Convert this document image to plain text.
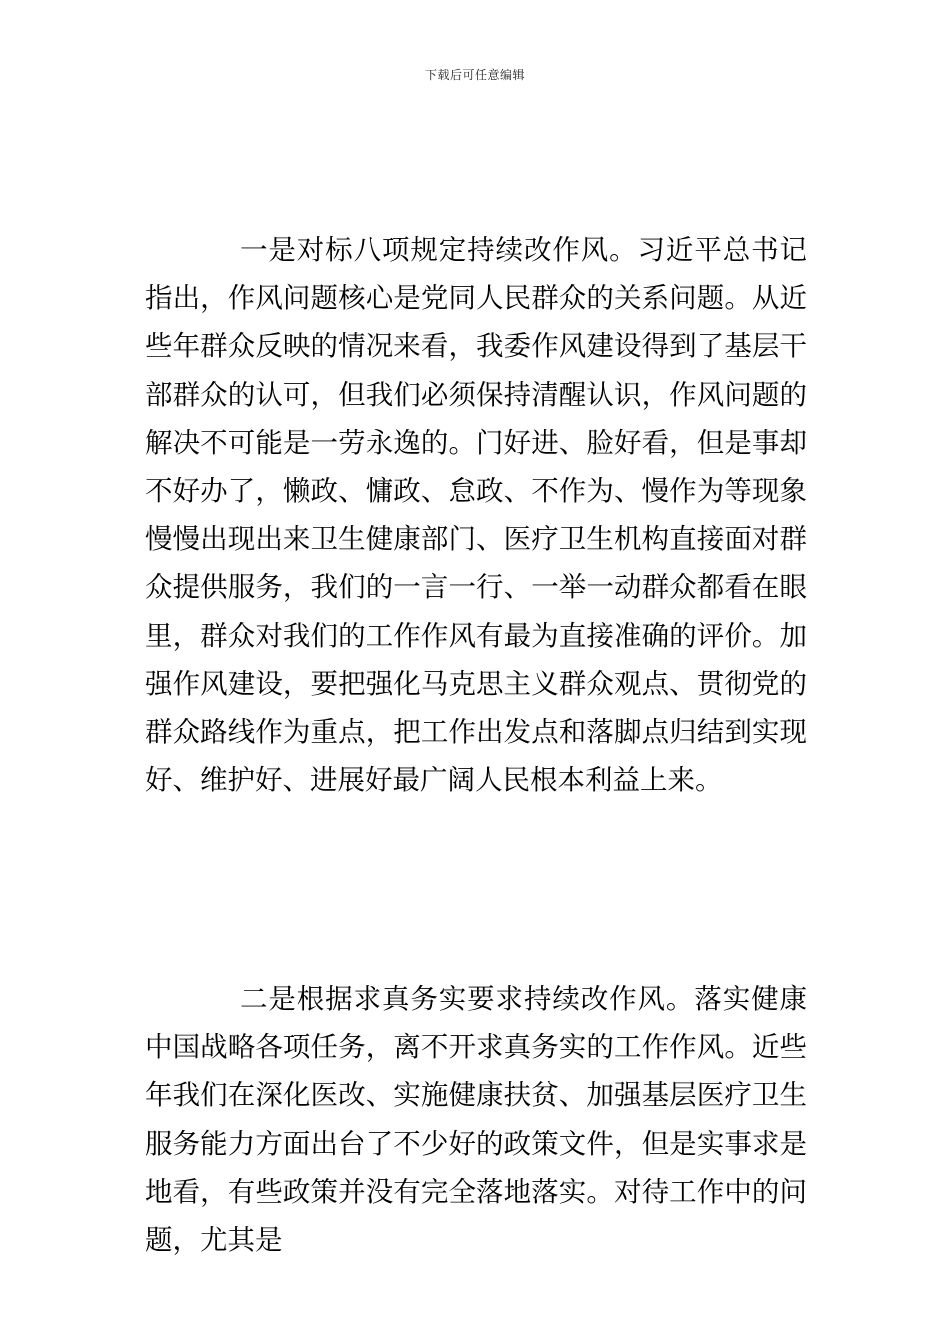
下载后可任意编辑

一是对标八项规定持续改作风。习近平总书记指出，作风问题核心是党同人民群众的关系问题。从近些年群众反映的情况来看，我委作风建设得到了基层干部群众的认可，但我们必须保持清醒认识，作风问题的解决不可能是一劳永逸的。门好进、脸好看，但是事却不好办了，懒政、慵政、怠政、不作为、慢作为等现象慢慢出现出来卫生健康部门、医疗卫生机构直接面对群众提供服务，我们的一言一行、一举一动群众都看在眼里，群众对我们的工作作风有最为直接准确的评价。加强作风建设，要把强化马克思主义群众观点、贯彻党的群众路线作为重点，把工作出发点和落脚点归结到实现好、维护好、进展好最广阔人民根本利益上来。

二是根据求真务实要求持续改作风。落实健康中国战略各项任务，离不开求真务实的工作作风。近些年我们在深化医改、实施健康扶贫、加强基层医疗卫生服务能力方面出台了不少好的政策文件，但是实事求是地看，有些政策并没有完全落地落实。对待工作中的问题，尤其是
